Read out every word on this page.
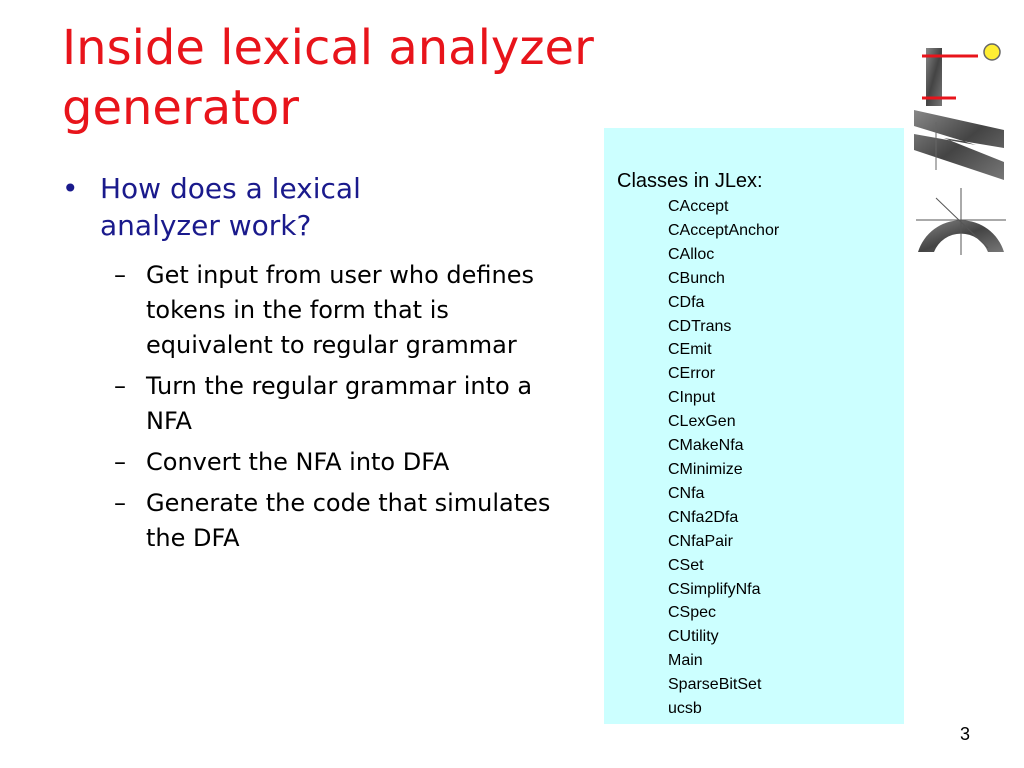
Inside lexical analyzer
generator
• How does a lexical analyzer work?
– Get input from user who defines tokens in the form that is equivalent to regular grammar
– Turn the regular grammar into a NFA
– Convert the NFA into DFA
– Generate the code that simulates the DFA
Classes in JLex:
CAccept
CAcceptAnchor
CAlloc
CBunch
CDfa
CDTrans
CEmit
CError
CInput
CLexGen
CMakeNfa
CMinimize
CNfa
CNfa2Dfa
CNfaPair
CSet
CSimplifyNfa
CSpec
CUtility
Main
SparseBitSet
ucsb
3
